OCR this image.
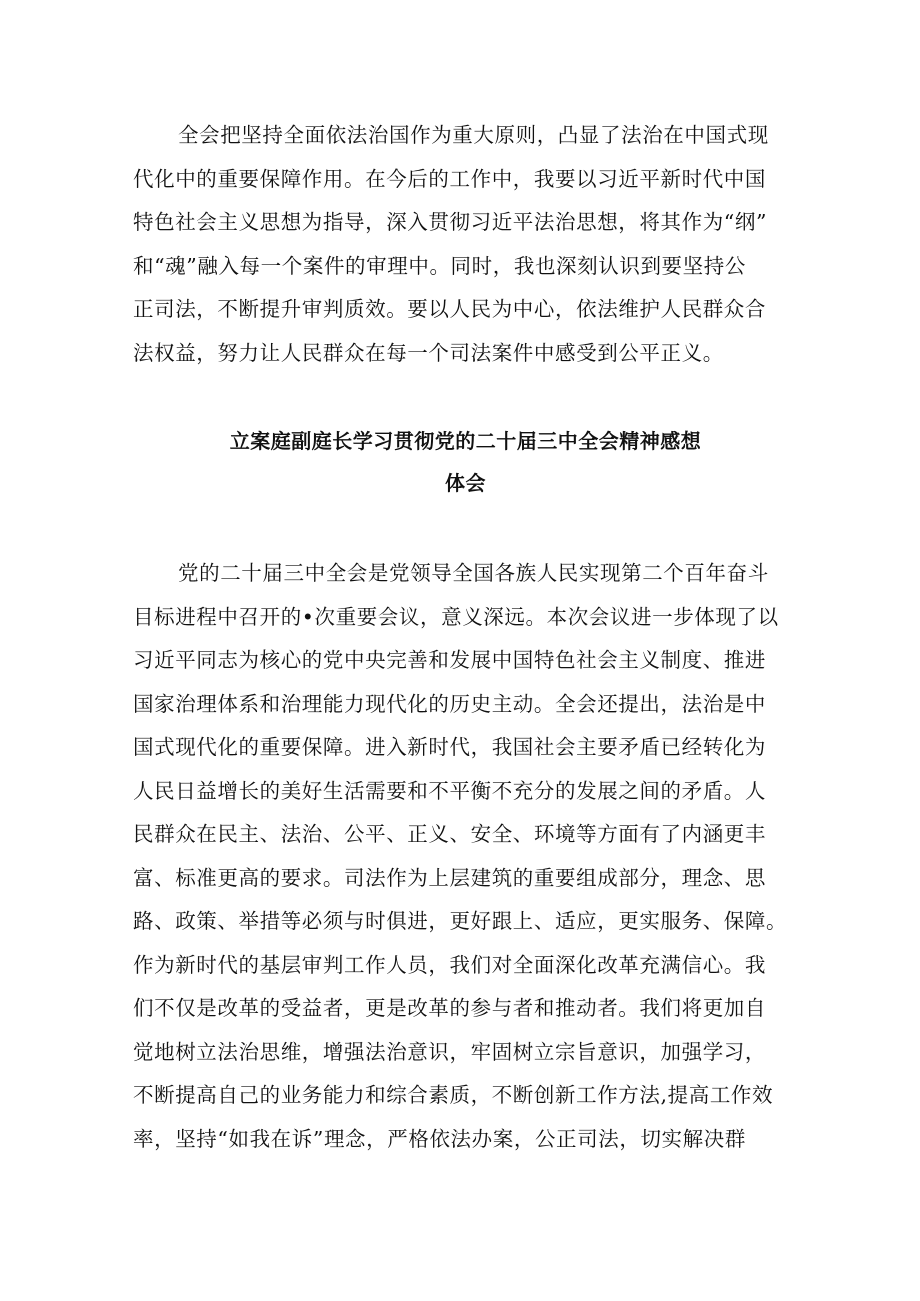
全会把坚持全面依法治国作为重大原则，凸显了法治在中国式现
代化中的重要保障作用。在今后的工作中，我要以习近平新时代中国
特色社会主义思想为指导，深入贯彻习近平法治思想，将其作为“纲”
和“魂”融入每一个案件的审理中。同时，我也深刻认识到要坚持公
正司法，不断提升审判质效。要以人民为中心，依法维护人民群众合
法权益，努力让人民群众在每一个司法案件中感受到公平正义。
立案庭副庭长学习贯彻党的二十届三中全会精神感想
体会
党的二十届三中全会是党领导全国各族人民实现第二个百年奋斗
目标进程中召开的•次重要会议，意义深远。本次会议进一步体现了以
习近平同志为核心的党中央完善和发展中国特色社会主义制度、推进
国家治理体系和治理能力现代化的历史主动。全会还提出，法治是中
国式现代化的重要保障。进入新时代，我国社会主要矛盾已经转化为
人民日益增长的美好生活需要和不平衡不充分的发展之间的矛盾。人
民群众在民主、法治、公平、正义、安全、环境等方面有了内涵更丰
富、标准更高的要求。司法作为上层建筑的重要组成部分，理念、思
路、政策、举措等必须与时俱进，更好跟上、适应，更实服务、保障。
作为新时代的基层审判工作人员，我们对全面深化改革充满信心。我
们不仅是改革的受益者，更是改革的参与者和推动者。我们将更加自
觉地树立法治思维，增强法治意识，牢固树立宗旨意识，加强学习，
不断提高自己的业务能力和综合素质，不断创新工作方法,提高工作效
率，坚持“如我在诉”理念，严格依法办案，公正司法，切实解决群
